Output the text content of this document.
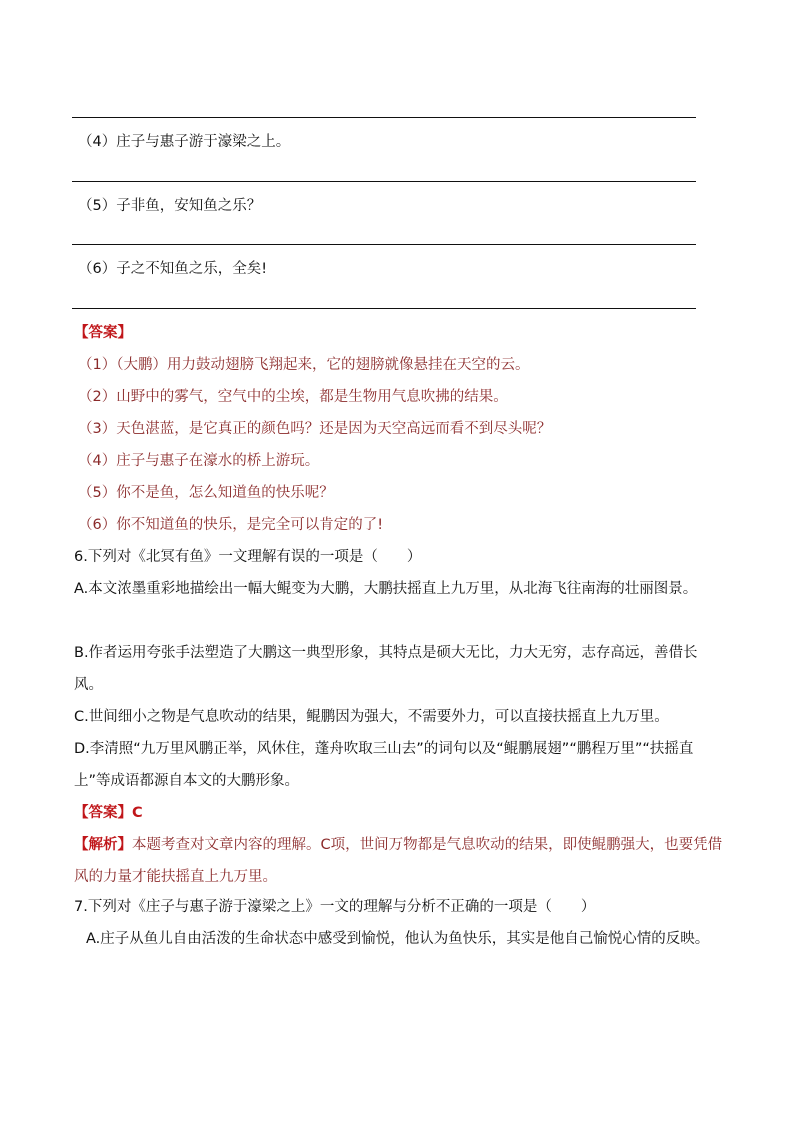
（4）庄子与惠子游于濠梁之上。
（5）子非鱼，安知鱼之乐？
（6）子之不知鱼之乐，全矣!
【答案】
（1）（大鹏）用力鼓动翅膀飞翔起来，它的翅膀就像悬挂在天空的云。
（2）山野中的雾气，空气中的尘埃，都是生物用气息吹拂的结果。
（3）天色湛蓝，是它真正的颜色吗？还是因为天空高远而看不到尽头呢？
（4）庄子与惠子在濠水的桥上游玩。
（5）你不是鱼，怎么知道鱼的快乐呢？
（6）你不知道鱼的快乐，是完全可以肯定的了!
6.下列对《北冥有鱼》一文理解有误的一项是（　　）
A.本文浓墨重彩地描绘出一幅大鲲变为大鹏，大鹏扶摇直上九万里，从北海飞往南海的壮丽图景。
B.作者运用夸张手法塑造了大鹏这一典型形象，其特点是硕大无比，力大无穷，志存高远，善借长风。
C.世间细小之物是气息吹动的结果，鲲鹏因为强大，不需要外力，可以直接扶摇直上九万里。
D.李清照“九万里风鹏正举，风休住，蓬舟吹取三山去”的词句以及“鲲鹏展翅”“鹏程万里”“扶摇直上”等成语都源自本文的大鹏形象。
【答案】C
【解析】本题考查对文章内容的理解。C项，世间万物都是气息吹动的结果，即使鲲鹏强大，也要凭借风的力量才能扶摇直上九万里。
7.下列对《庄子与惠子游于濠梁之上》一文的理解与分析不正确的一项是（　　）
A.庄子从鱼儿自由活泼的生命状态中感受到愉悦，他认为鱼快乐，其实是他自己愉悦心情的反映。
